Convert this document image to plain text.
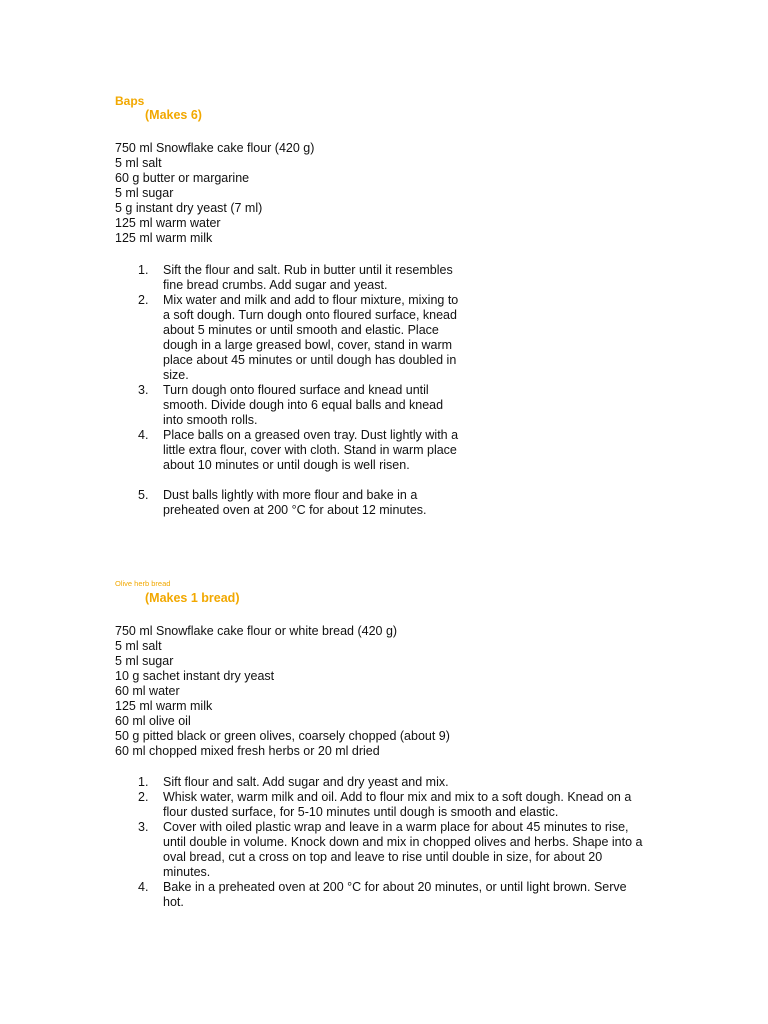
Baps
(Makes 6)
750 ml Snowflake cake flour (420 g)
5 ml salt
60 g butter or margarine
5 ml sugar
5 g instant dry yeast (7 ml)
125 ml warm water
125 ml warm milk
1. Sift the flour and salt. Rub in butter until it resembles fine bread crumbs. Add sugar and yeast.
2. Mix water and milk and add to flour mixture, mixing to a soft dough. Turn dough onto floured surface, knead about 5 minutes or until smooth and elastic. Place dough in a large greased bowl, cover, stand in warm place about 45 minutes or until dough has doubled in size.
3. Turn dough onto floured surface and knead until smooth. Divide dough into 6 equal balls and knead into smooth rolls.
4. Place balls on a greased oven tray. Dust lightly with a little extra flour, cover with cloth. Stand in warm place about 10 minutes or until dough is well risen.
5. Dust balls lightly with more flour and bake in a preheated oven at 200 °C for about 12 minutes.
Olive herb bread
(Makes 1 bread)
750 ml Snowflake cake flour or white bread (420 g)
5 ml salt
5 ml sugar
10 g sachet instant dry yeast
60 ml water
125 ml warm milk
60 ml olive oil
50 g pitted black or green olives, coarsely chopped (about 9)
60 ml chopped mixed fresh herbs or 20 ml dried
1. Sift flour and salt. Add sugar and dry yeast and mix.
2. Whisk water, warm milk and oil. Add to flour mix and mix to a soft dough. Knead on a flour dusted surface, for 5-10 minutes until dough is smooth and elastic.
3. Cover with oiled plastic wrap and leave in a warm place for about 45 minutes to rise, until double in volume. Knock down and mix in chopped olives and herbs. Shape into a oval bread, cut a cross on top and leave to rise until double in size, for about 20 minutes.
4. Bake in a preheated oven at 200 °C for about 20 minutes, or until light brown. Serve hot.
